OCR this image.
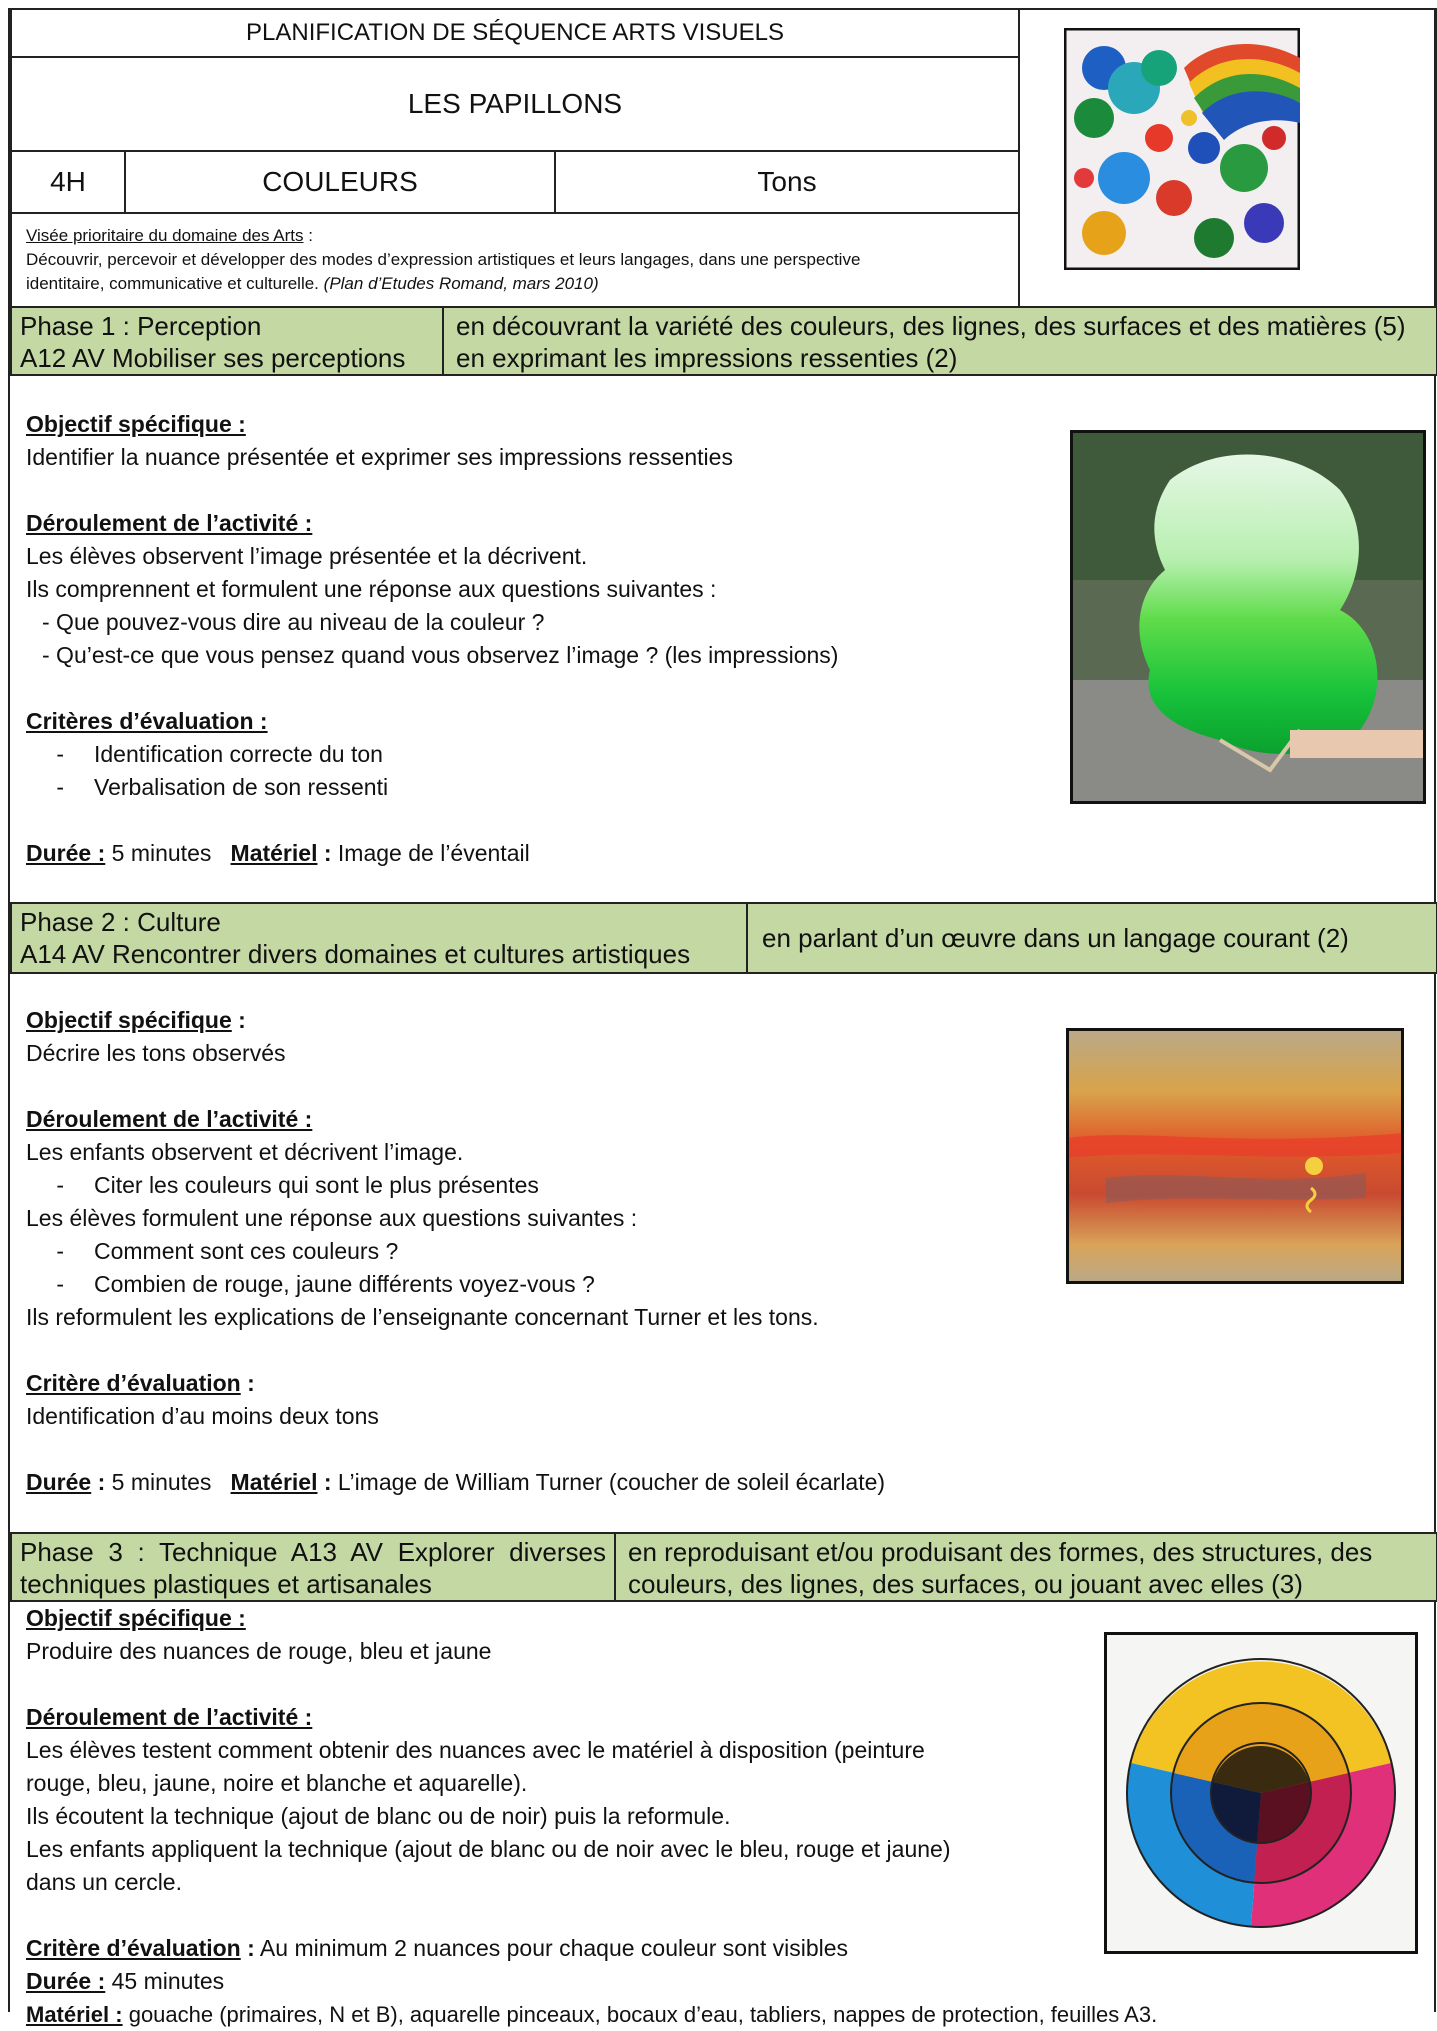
PLANIFICATION DE SÉQUENCE ARTS VISUELS
LES PAPILLONS
4H	COULEURS	Tons
Visée prioritaire du domaine des Arts :
Découvrir, percevoir et développer des modes d’expression artistiques et leurs langages, dans une perspective
identitaire, communicative et culturelle. (Plan d’Etudes Romand, mars 2010)
Phase 1 : Perception
A12 AV Mobiliser ses perceptions
en découvrant la variété des couleurs, des lignes, des surfaces et des matières (5)
en exprimant les impressions ressenties (2)
Objectif spécifique :
Identifier la nuance présentée et exprimer ses impressions ressenties
Déroulement de l’activité :
Les élèves observent l’image présentée et la décrivent.
Ils comprennent et formulent une réponse aux questions suivantes :
- Que pouvez-vous dire au niveau de la couleur ?
- Qu’est-ce que vous pensez quand vous observez l’image ? (les impressions)
Critères d’évaluation :
- Identification correcte du ton
- Verbalisation de son ressenti
Durée : 5 minutes Matériel : Image de l’éventail
Phase 2 : Culture
A14 AV Rencontrer divers domaines et cultures artistiques
en parlant d’un œuvre dans un langage courant (2)
Objectif spécifique :
Décrire les tons observés
Déroulement de l’activité :
Les enfants observent et décrivent l’image.
- Citer les couleurs qui sont le plus présentes
Les élèves formulent une réponse aux questions suivantes :
- Comment sont ces couleurs ?
- Combien de rouge, jaune différents voyez-vous ?
Ils reformulent les explications de l’enseignante concernant Turner et les tons.
Critère d’évaluation :
Identification d’au moins deux tons
Durée : 5 minutes Matériel : L’image de William Turner (coucher de soleil écarlate)
Phase 3 : Technique A13 AV Explorer diverses
techniques plastiques et artisanales
en reproduisant et/ou produisant des formes, des structures, des
couleurs, des lignes, des surfaces, ou jouant avec elles (3)
Objectif spécifique :
Produire des nuances de rouge, bleu et jaune
Déroulement de l’activité :
Les élèves testent comment obtenir des nuances avec le matériel à disposition (peinture
rouge, bleu, jaune, noire et blanche et aquarelle).
Ils écoutent la technique (ajout de blanc ou de noir) puis la reformule.
Les enfants appliquent la technique (ajout de blanc ou de noir avec le bleu, rouge et jaune)
dans un cercle.
Critère d’évaluation : Au minimum 2 nuances pour chaque couleur sont visibles
Durée : 45 minutes
Matériel : gouache (primaires, N et B), aquarelle pinceaux, bocaux d’eau, tabliers, nappes de protection, feuilles A3.
